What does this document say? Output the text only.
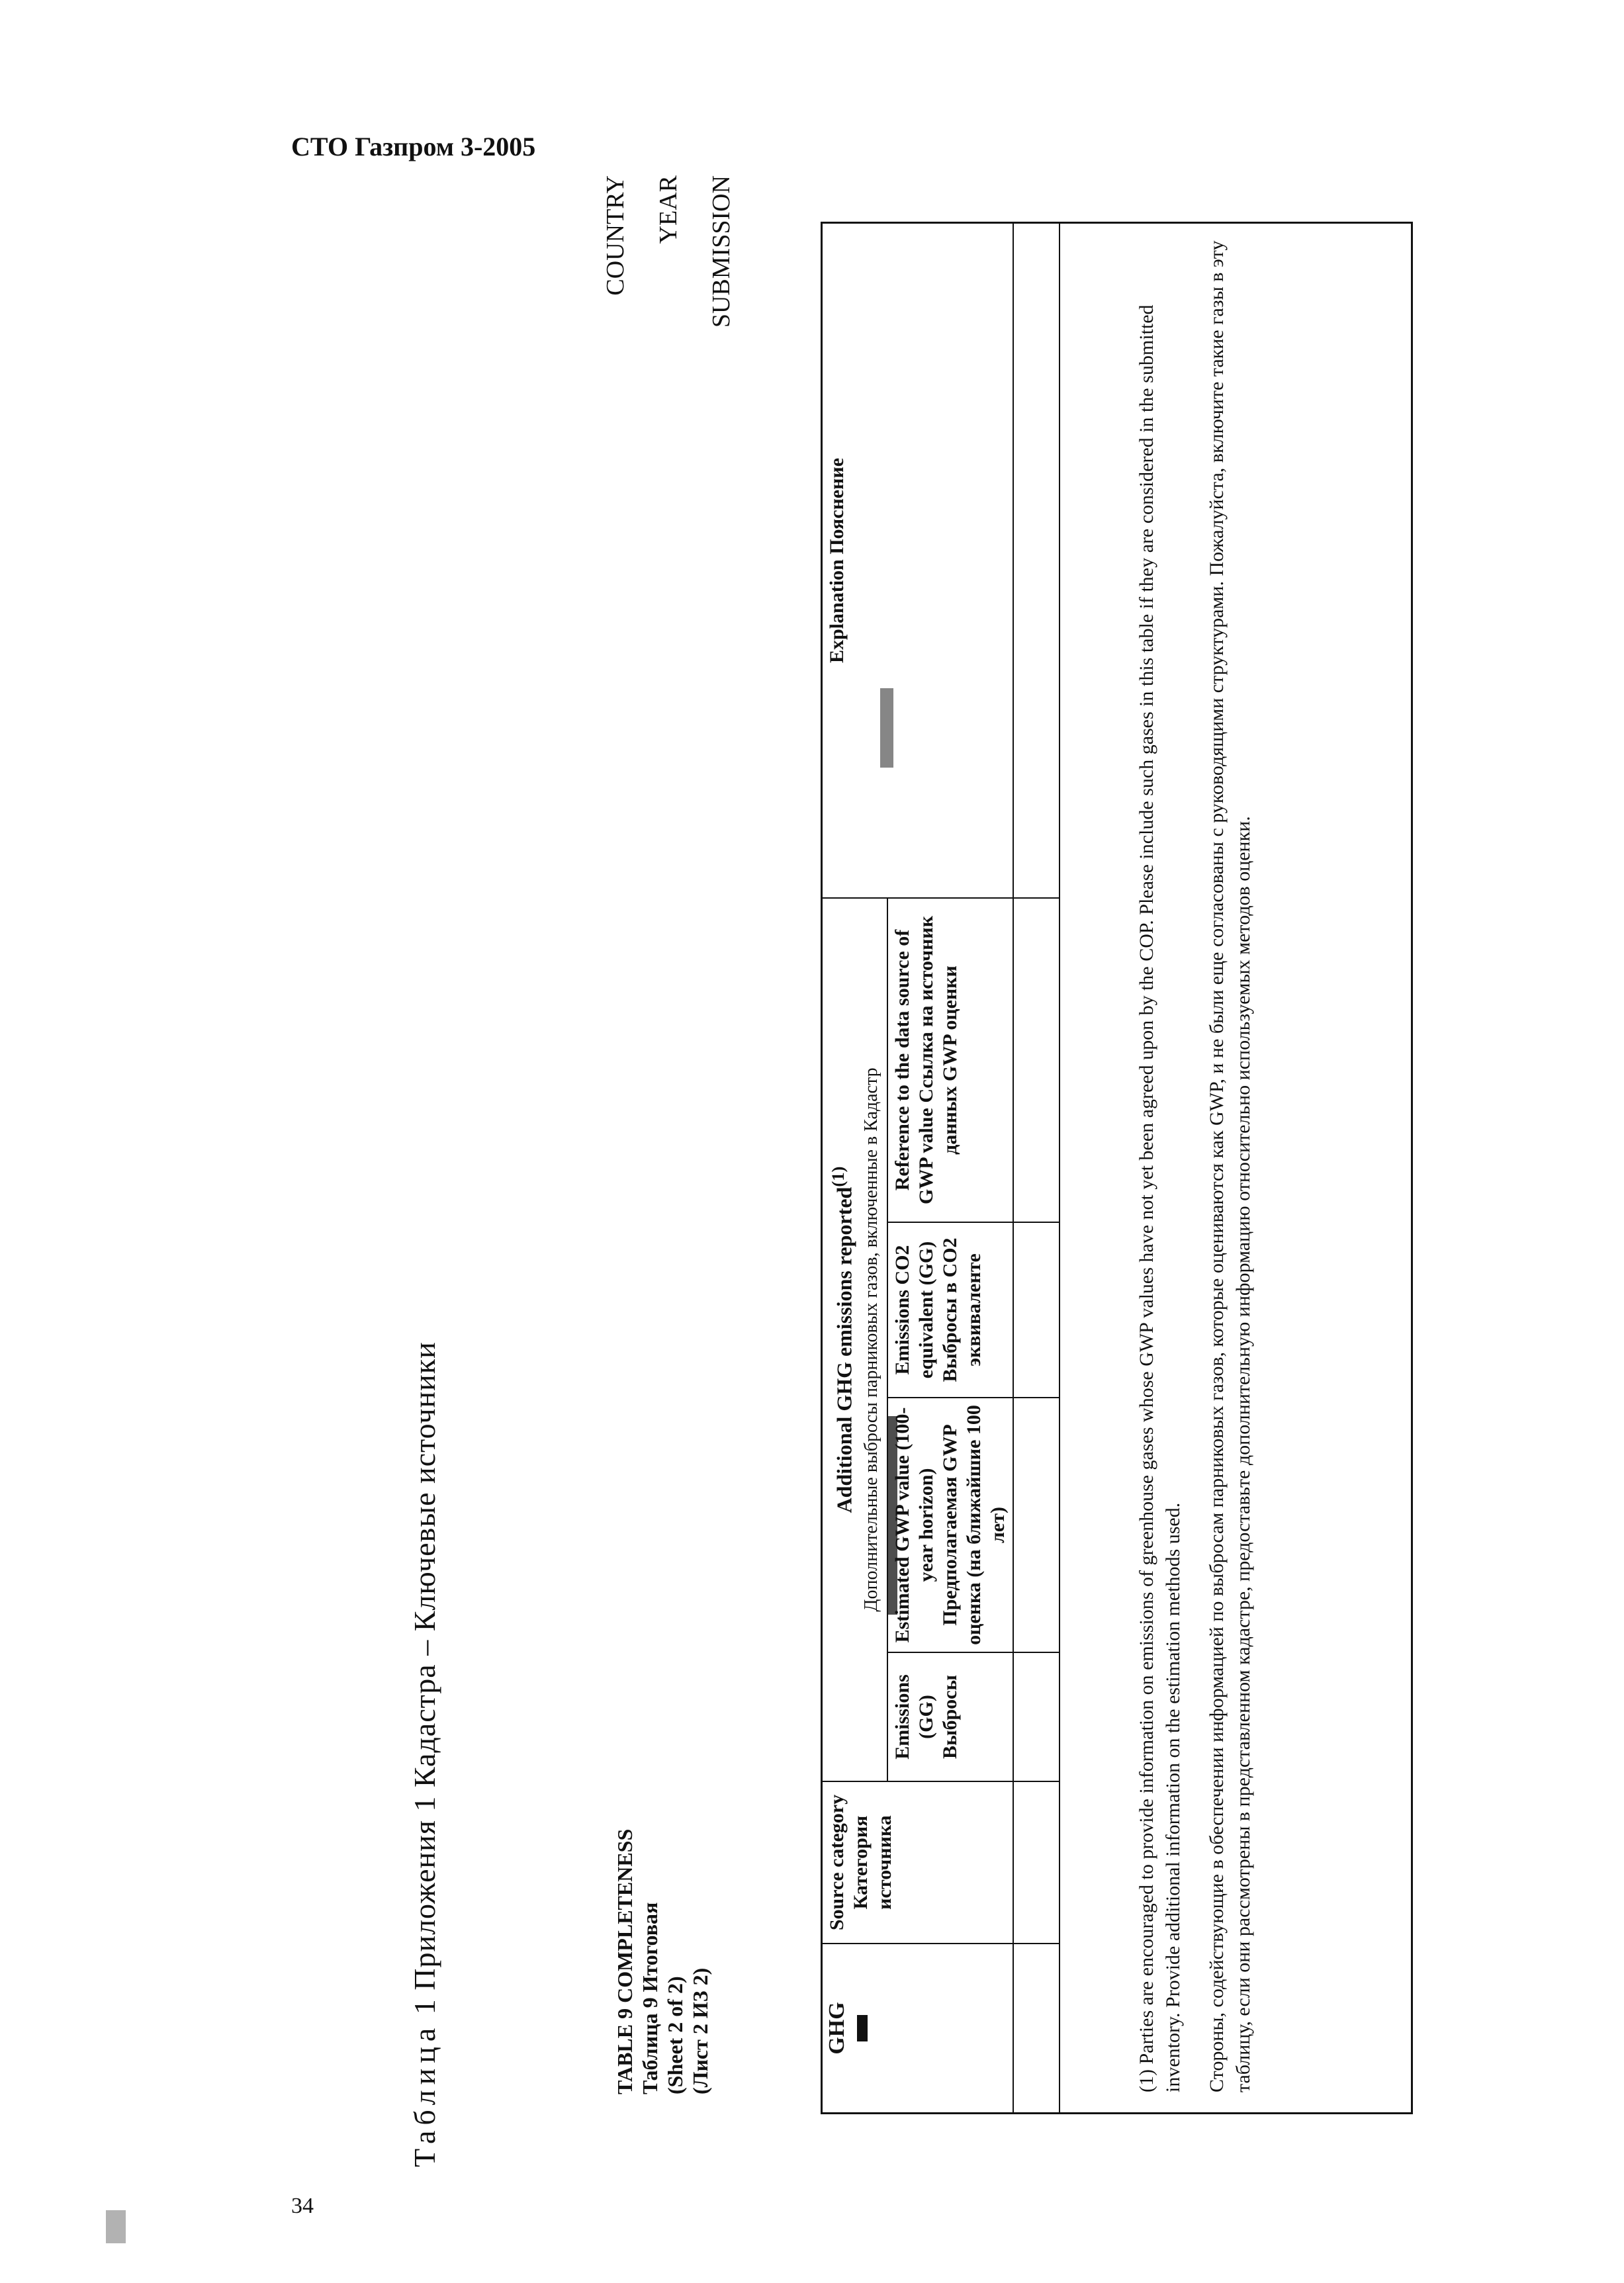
СТО Газпром 3-2005
34
Таблица 1 Приложения 1 Кадастра – Ключевые источники	TABLE 9 COMPLETENESS Таблица 9 Итоговая (Sheet 2 of 2) (Лист 2 ИЗ 2)
COUNTRY	YEAR	SUBMISSION
GHG	Source category Категория источника	Additional GHG emissions reported$^{(1)}$ Дополнительные выбросы парниковых газов, включенные в Кадастр				Explanation Пояснение
		Emissions (GG) Выбросы	Estimated GWP value (100-year horizon) Предполагаемая GWP оценка (на ближайшие 100 лет)	Emissions CO2 equivalent (GG) Выбросы в CO2 эквиваленте	Reference to the data source of GWP value Ссылка на источник данных GWP оценки	
							(1) Parties are encouraged to provide information on emissions of greenhouse gases whose GWP values have not yet been agreed upon by the COP. Please include such gases in this table if they are considered in the submitted inventory. Provide additional information on the estimation methods used. Стороны, содействующие в обеспечении информацией по выбросам парниковых газов, которые оцениваются как GWP, и не были еще согласованы с руководящими структурами. Пожалуйста, включите такие газы в эту таблицу, если они рассмотрены в представленном кадастре, предоставьте дополнительную информацию относительно используемых методов оценки.
